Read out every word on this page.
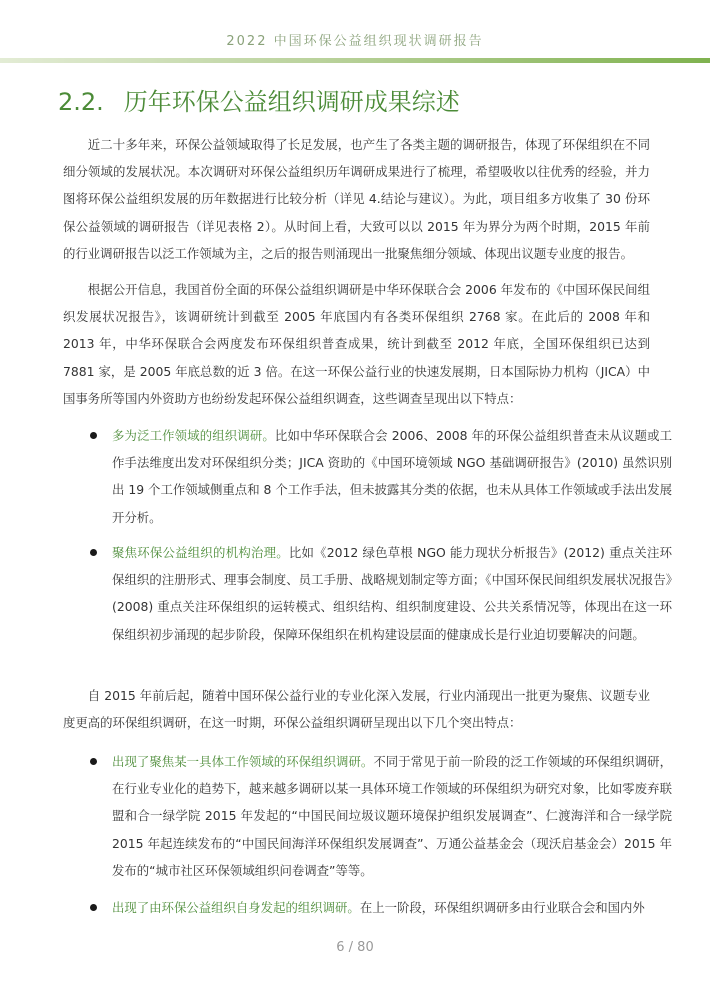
2022 中国环保公益组织现状调研报告
2.2. 历年环保公益组织调研成果综述
近二十多年来，环保公益领域取得了长足发展，也产生了各类主题的调研报告，体现了环保组织在不同细分领域的发展状况。本次调研对环保公益组织历年调研成果进行了梳理，希望吸收以往优秀的经验，并力图将环保公益组织发展的历年数据进行比较分析（详见 4.结论与建议）。为此，项目组多方收集了 30 份环保公益领域的调研报告（详见表格 2）。从时间上看，大致可以以 2015 年为界分为两个时期，2015 年前的行业调研报告以泛工作领域为主，之后的报告则涌现出一批聚焦细分领域、体现出议题专业度的报告。
根据公开信息，我国首份全面的环保公益组织调研是中华环保联合会 2006 年发布的《中国环保民间组织发展状况报告》，该调研统计到截至 2005 年底国内有各类环保组织 2768 家。在此后的 2008 年和 2013 年，中华环保联合会两度发布环保组织普查成果，统计到截至 2012 年底，全国环保组织已达到 7881 家，是 2005 年底总数的近 3 倍。在这一环保公益行业的快速发展期，日本国际协力机构（JICA）中国事务所等国内外资助方也纷纷发起环保公益组织调查，这些调查呈现出以下特点：
多为泛工作领域的组织调研。比如中华环保联合会 2006、2008 年的环保公益组织普查未从议题或工作手法维度出发对环保组织分类；JICA 资助的《中国环境领域 NGO 基础调研报告》(2010) 虽然识别出 19 个工作领域侧重点和 8 个工作手法，但未披露其分类的依据，也未从具体工作领域或手法出发展开分析。
聚焦环保公益组织的机构治理。比如《2012 绿色草根 NGO 能力现状分析报告》(2012) 重点关注环保组织的注册形式、理事会制度、员工手册、战略规划制定等方面；《中国环保民间组织发展状况报告》(2008) 重点关注环保组织的运转模式、组织结构、组织制度建设、公共关系情况等，体现出在这一环保组织初步涌现的起步阶段，保障环保组织在机构建设层面的健康成长是行业迫切要解决的问题。
自 2015 年前后起，随着中国环保公益行业的专业化深入发展，行业内涌现出一批更为聚焦、议题专业度更高的环保组织调研，在这一时期，环保公益组织调研呈现出以下几个突出特点：
出现了聚焦某一具体工作领域的环保组织调研。不同于常见于前一阶段的泛工作领域的环保组织调研，在行业专业化的趋势下，越来越多调研以某一具体环境工作领域的环保组织为研究对象，比如零废弃联盟和合一绿学院 2015 年发起的“中国民间垃圾议题环境保护组织发展调查”、仁渡海洋和合一绿学院 2015 年起连续发布的“中国民间海洋环保组织发展调查”、万通公益基金会（现沃启基金会）2015 年发布的“城市社区环保领域组织问卷调查”等等。
出现了由环保公益组织自身发起的组织调研。在上一阶段，环保组织调研多由行业联合会和国内外
6 / 80
